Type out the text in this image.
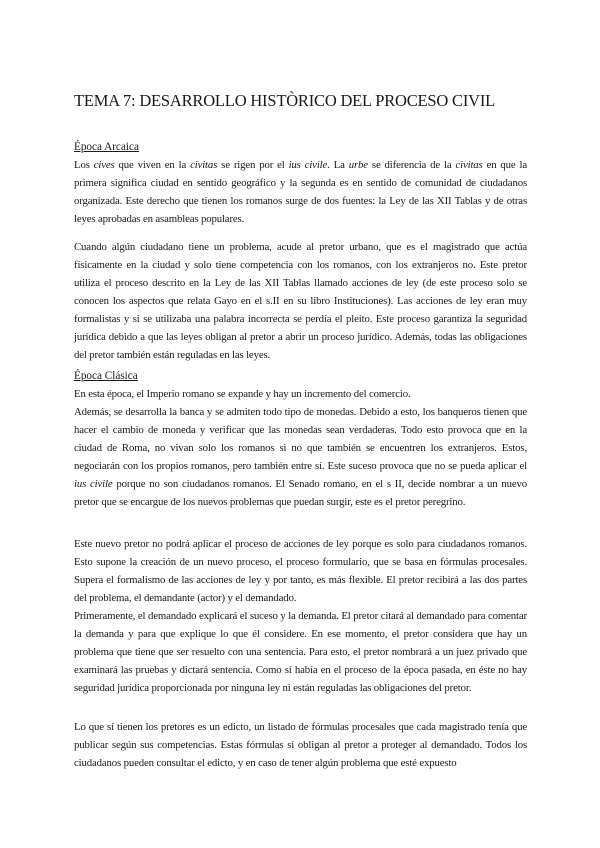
TEMA 7: DESARROLLO HISTÒRICO DEL PROCESO CIVIL

Época Arcaica

Los cives que viven en la civitas se rigen por el ius civile. La urbe se diferencia de la civitas en que la primera significa ciudad en sentido geográfico y la segunda es en sentido de comunidad de ciudadanos organizada. Este derecho que tienen los romanos surge de dos fuentes: la Ley de las XII Tablas y de otras leyes aprobadas en asambleas populares.

Cuando algún ciudadano tiene un problema, acude al pretor urbano, que es el magistrado que actúa físicamente en la ciudad y solo tiene competencia con los romanos, con los extranjeros no. Este pretor utiliza el proceso descrito en la Ley de las XII Tablas llamado acciones de ley (de este proceso solo se conocen los aspectos que relata Gayo en el s.II en su libro Instituciones). Las acciones de ley eran muy formalistas y si se utilizaba una palabra incorrecta se perdía el pleito. Este proceso garantiza la seguridad jurídica debido a que las leyes obligan al pretor a abrir un proceso jurídico. Además, todas las obligaciones del pretor también están reguladas en las leyes.

Época Clásica

En esta época, el Imperio romano se expande y hay un incremento del comercio.

Además, se desarrolla la banca y se admiten todo tipo de monedas. Debido a esto, los banqueros tienen que hacer el cambio de moneda y verificar que las monedas sean verdaderas. Todo esto provoca que en la ciudad de Roma, no vivan solo los romanos si no que también se encuentren los extranjeros. Estos, negociarán con los propios romanos, pero también entre sí. Este suceso provoca que no se pueda aplicar el ius civile porque no son ciudadanos romanos. El Senado romano, en el s II, decide nombrar a un nuevo pretor que se encargue de los nuevos problemas que puedan surgir, este es el pretor peregrino.

Este nuevo pretor no podrá aplicar el proceso de acciones de ley porque es solo para ciudadanos romanos. Esto supone la creación de un nuevo proceso, el proceso formulario, que se basa en fórmulas procesales. Supera el formalismo de las acciones de ley y por tanto, es más flexible. El pretor recibirá a las dos partes del problema, el demandante (actor) y el demandado.

Primeramente, el demandado explicará el suceso y la demanda. El pretor citará al demandado para comentar la demanda y para que explique lo que él considere. En ese momento, el pretor considera que hay un problema que tiene que ser resuelto con una sentencia. Para esto, el pretor nombrará a un juez privado que examinará las pruebas y dictará sentencia. Como sí había en el proceso de la época pasada, en éste no hay seguridad jurídica proporcionada por ninguna ley ni están reguladas las obligaciones del pretor.

Lo que sí tienen los pretores es un edicto, un listado de fórmulas procesales que cada magistrado tenía que publicar según sus competencias. Estas fórmulas sí obligan al pretor a proteger al demandado. Todos los ciudadanos pueden consultar el edicto, y en caso de tener algún problema que esté expuesto
